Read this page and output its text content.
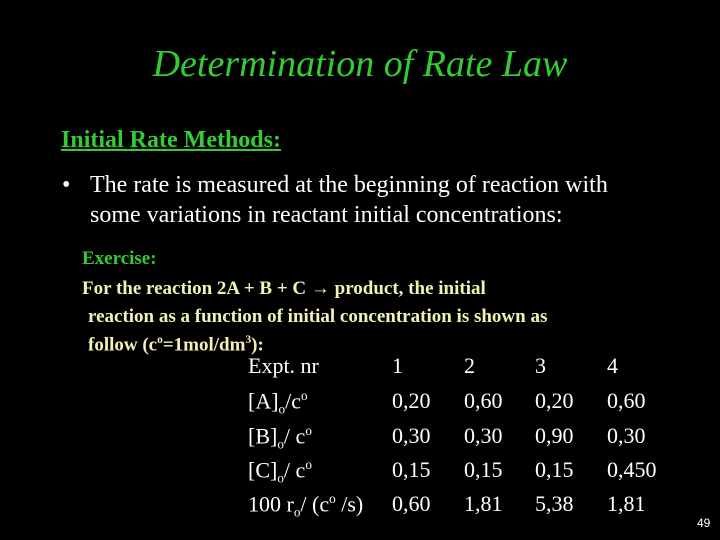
Determination of Rate Law
Initial Rate Methods:
• The rate is measured at the beginning of reaction with
some variations in reactant initial concentrations:
Exercise:
For the reaction 2A + B + C → product, the initial
reaction as a function of initial concentration is shown as
follow $(c^o=1mol/dm^3)$:
Expt. nr	1	2	3	4
$[A]_o/c^o$	0,20 0,60 0,20 0,60
$[B]_o/$ $c^o$	0,30 0,30 0,90 0,30
$[C]_o/$ $c^o$	0,15 0,15 0,15 0,450
100 $r_o/$ ($c^o$ /s) 0,60 1,81 5,38 1,81
49
